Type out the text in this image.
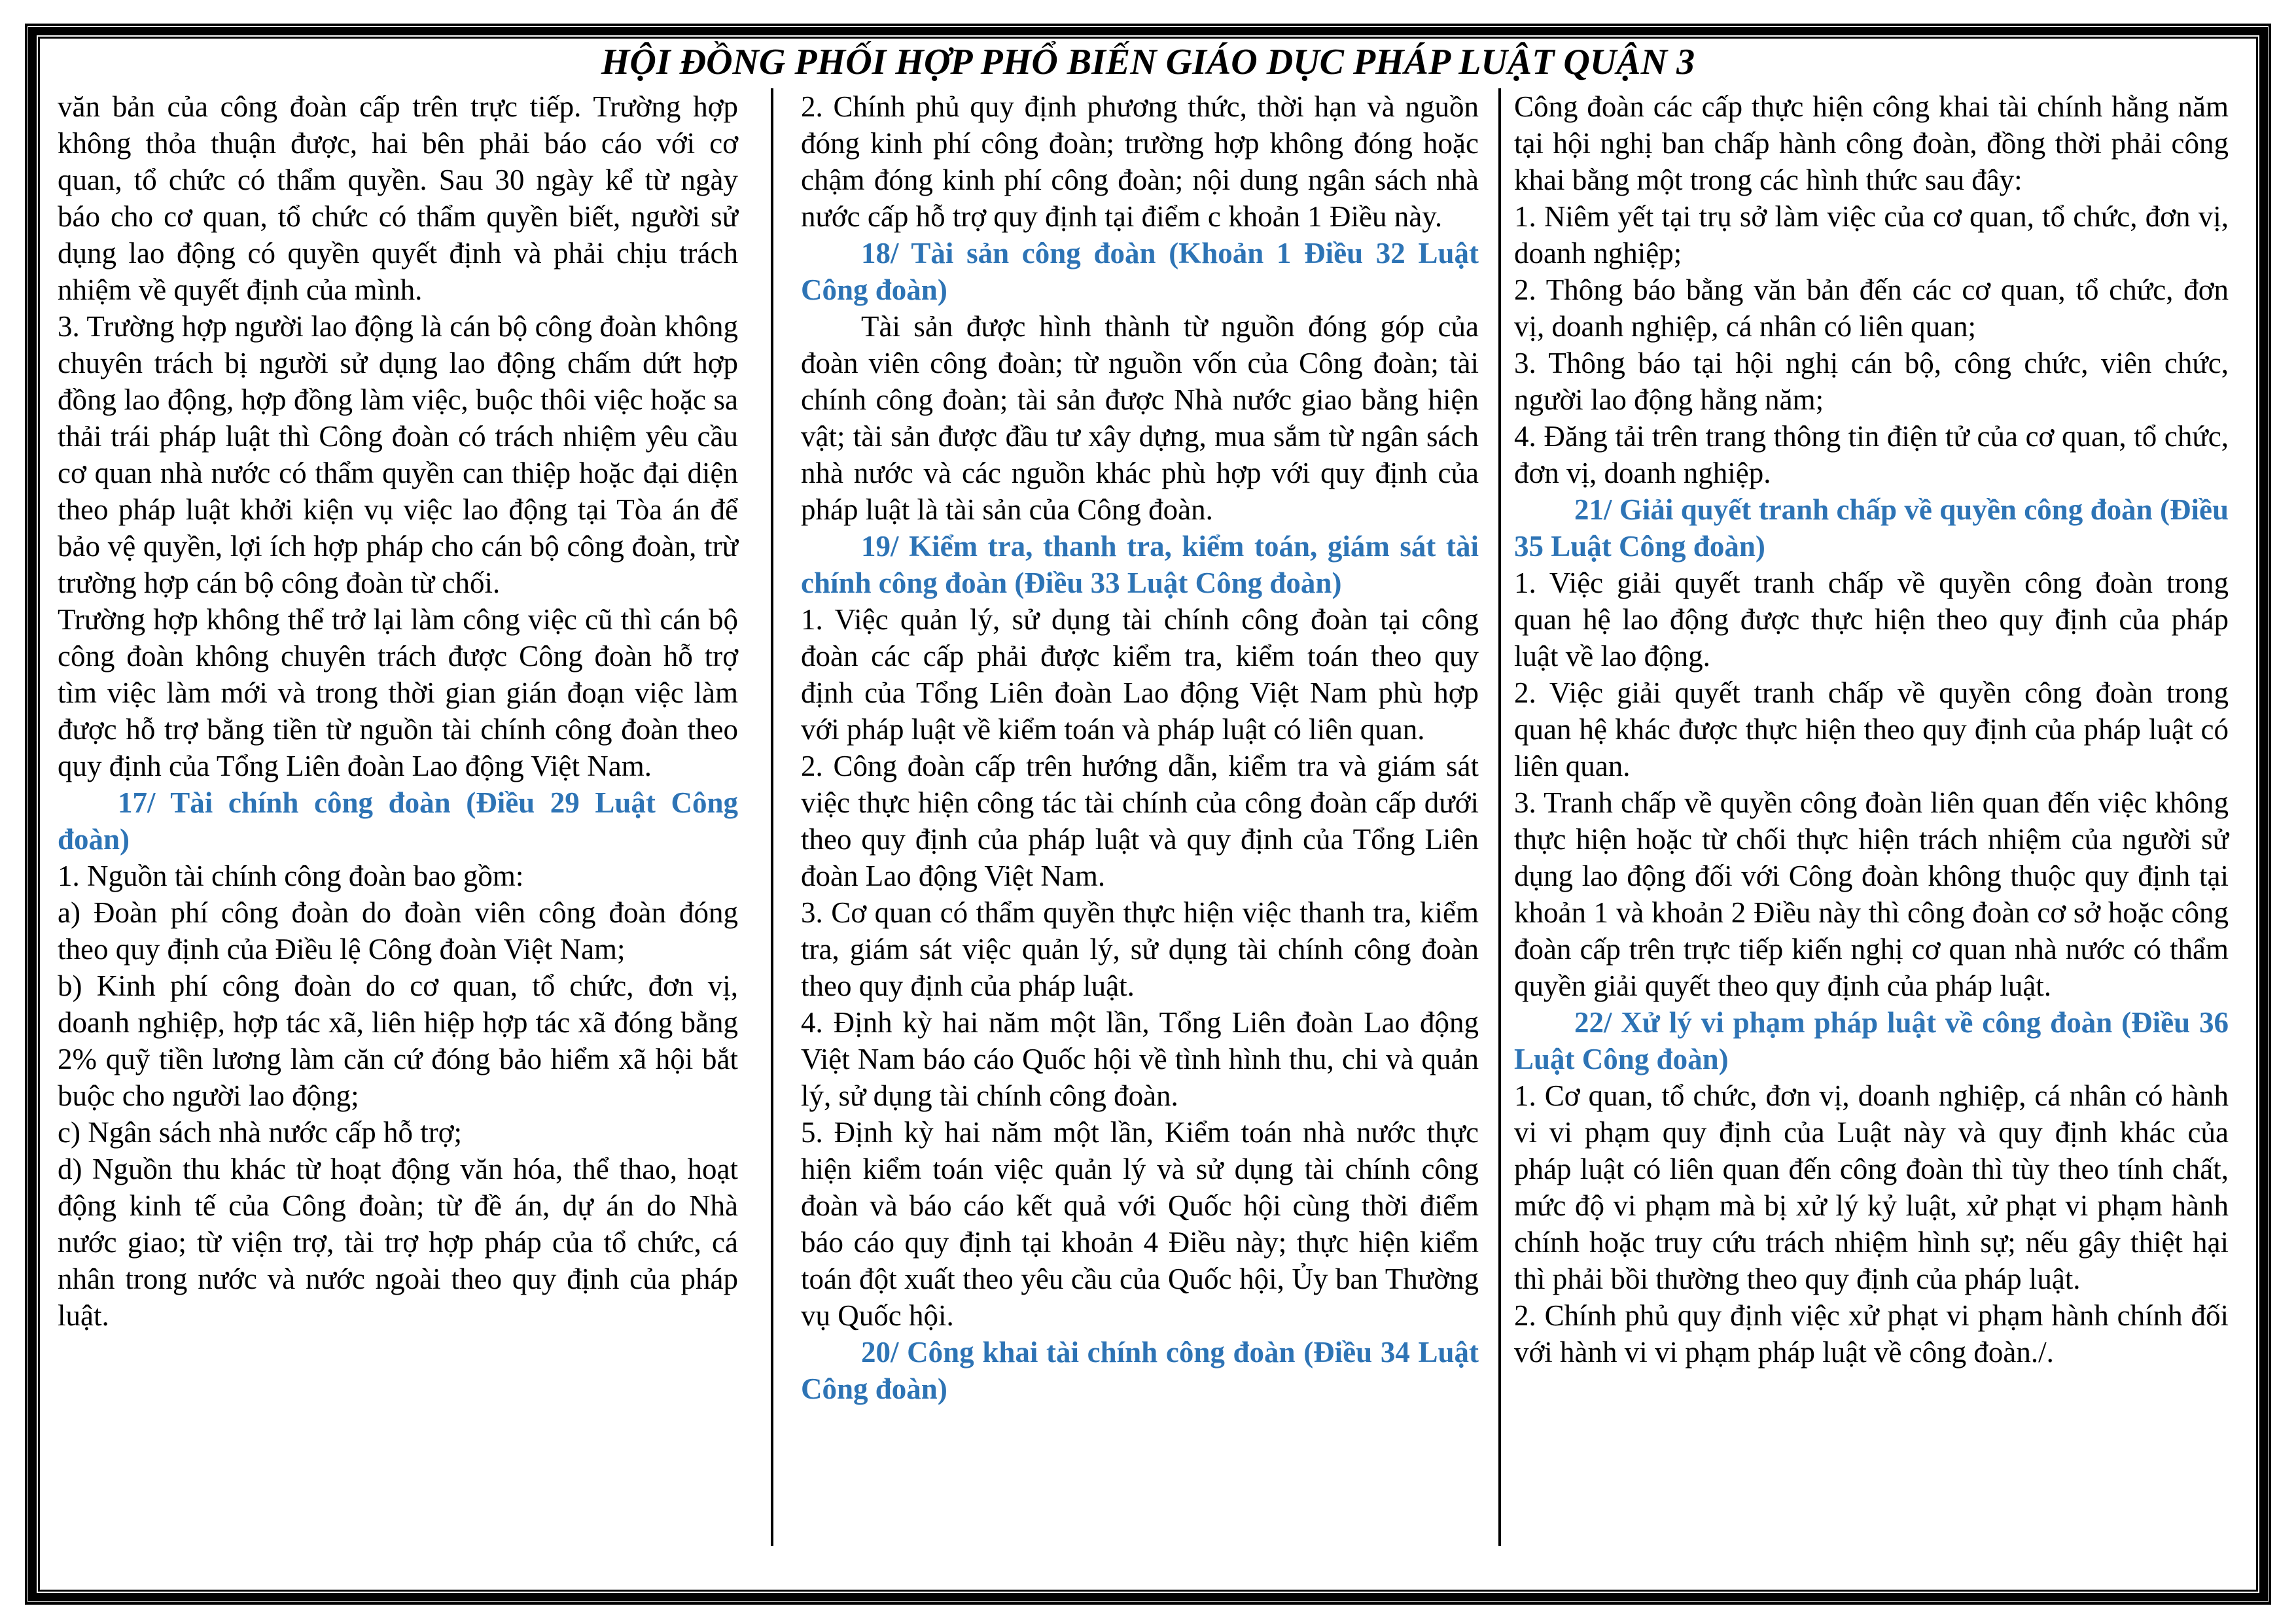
HỘI ĐỒNG PHỐI HỢP PHỔ BIẾN GIÁO DỤC PHÁP LUẬT QUẬN 3

văn bản của công đoàn cấp trên trực tiếp. Trường hợp không thỏa thuận được, hai bên phải báo cáo với cơ quan, tổ chức có thẩm quyền. Sau 30 ngày kể từ ngày báo cho cơ quan, tổ chức có thẩm quyền biết, người sử dụng lao động có quyền quyết định và phải chịu trách nhiệm về quyết định của mình.

3. Trường hợp người lao động là cán bộ công đoàn không chuyên trách bị người sử dụng lao động chấm dứt hợp đồng lao động, hợp đồng làm việc, buộc thôi việc hoặc sa thải trái pháp luật thì Công đoàn có trách nhiệm yêu cầu cơ quan nhà nước có thẩm quyền can thiệp hoặc đại diện theo pháp luật khởi kiện vụ việc lao động tại Tòa án để bảo vệ quyền, lợi ích hợp pháp cho cán bộ công đoàn, trừ trường hợp cán bộ công đoàn từ chối.

Trường hợp không thể trở lại làm công việc cũ thì cán bộ công đoàn không chuyên trách được Công đoàn hỗ trợ tìm việc làm mới và trong thời gian gián đoạn việc làm được hỗ trợ bằng tiền từ nguồn tài chính công đoàn theo quy định của Tổng Liên đoàn Lao động Việt Nam.

17/ Tài chính công đoàn (Điều 29 Luật Công đoàn)

1. Nguồn tài chính công đoàn bao gồm:

a) Đoàn phí công đoàn do đoàn viên công đoàn đóng theo quy định của Điều lệ Công đoàn Việt Nam;

b) Kinh phí công đoàn do cơ quan, tổ chức, đơn vị, doanh nghiệp, hợp tác xã, liên hiệp hợp tác xã đóng bằng 2% quỹ tiền lương làm căn cứ đóng bảo hiểm xã hội bắt buộc cho người lao động;

c) Ngân sách nhà nước cấp hỗ trợ;

d) Nguồn thu khác từ hoạt động văn hóa, thể thao, hoạt động kinh tế của Công đoàn; từ đề án, dự án do Nhà nước giao; từ viện trợ, tài trợ hợp pháp của tổ chức, cá nhân trong nước và nước ngoài theo quy định của pháp luật.

2. Chính phủ quy định phương thức, thời hạn và nguồn đóng kinh phí công đoàn; trường hợp không đóng hoặc chậm đóng kinh phí công đoàn; nội dung ngân sách nhà nước cấp hỗ trợ quy định tại điểm c khoản 1 Điều này.

18/ Tài sản công đoàn (Khoản 1 Điều 32 Luật Công đoàn)

Tài sản được hình thành từ nguồn đóng góp của đoàn viên công đoàn; từ nguồn vốn của Công đoàn; tài chính công đoàn; tài sản được Nhà nước giao bằng hiện vật; tài sản được đầu tư xây dựng, mua sắm từ ngân sách nhà nước và các nguồn khác phù hợp với quy định của pháp luật là tài sản của Công đoàn.

19/ Kiểm tra, thanh tra, kiểm toán, giám sát tài chính công đoàn (Điều 33 Luật Công đoàn)

1. Việc quản lý, sử dụng tài chính công đoàn tại công đoàn các cấp phải được kiểm tra, kiểm toán theo quy định của Tổng Liên đoàn Lao động Việt Nam phù hợp với pháp luật về kiểm toán và pháp luật có liên quan.

2. Công đoàn cấp trên hướng dẫn, kiểm tra và giám sát việc thực hiện công tác tài chính của công đoàn cấp dưới theo quy định của pháp luật và quy định của Tổng Liên đoàn Lao động Việt Nam.

3. Cơ quan có thẩm quyền thực hiện việc thanh tra, kiểm tra, giám sát việc quản lý, sử dụng tài chính công đoàn theo quy định của pháp luật.

4. Định kỳ hai năm một lần, Tổng Liên đoàn Lao động Việt Nam báo cáo Quốc hội về tình hình thu, chi và quản lý, sử dụng tài chính công đoàn.

5. Định kỳ hai năm một lần, Kiểm toán nhà nước thực hiện kiểm toán việc quản lý và sử dụng tài chính công đoàn và báo cáo kết quả với Quốc hội cùng thời điểm báo cáo quy định tại khoản 4 Điều này; thực hiện kiểm toán đột xuất theo yêu cầu của Quốc hội, Ủy ban Thường vụ Quốc hội.

20/ Công khai tài chính công đoàn (Điều 34 Luật Công đoàn)

Công đoàn các cấp thực hiện công khai tài chính hằng năm tại hội nghị ban chấp hành công đoàn, đồng thời phải công khai bằng một trong các hình thức sau đây:

1. Niêm yết tại trụ sở làm việc của cơ quan, tổ chức, đơn vị, doanh nghiệp;

2. Thông báo bằng văn bản đến các cơ quan, tổ chức, đơn vị, doanh nghiệp, cá nhân có liên quan;

3. Thông báo tại hội nghị cán bộ, công chức, viên chức, người lao động hằng năm;

4. Đăng tải trên trang thông tin điện tử của cơ quan, tổ chức, đơn vị, doanh nghiệp.

21/ Giải quyết tranh chấp về quyền công đoàn (Điều 35 Luật Công đoàn)

1. Việc giải quyết tranh chấp về quyền công đoàn trong quan hệ lao động được thực hiện theo quy định của pháp luật về lao động.

2. Việc giải quyết tranh chấp về quyền công đoàn trong quan hệ khác được thực hiện theo quy định của pháp luật có liên quan.

3. Tranh chấp về quyền công đoàn liên quan đến việc không thực hiện hoặc từ chối thực hiện trách nhiệm của người sử dụng lao động đối với Công đoàn không thuộc quy định tại khoản 1 và khoản 2 Điều này thì công đoàn cơ sở hoặc công đoàn cấp trên trực tiếp kiến nghị cơ quan nhà nước có thẩm quyền giải quyết theo quy định của pháp luật.

22/ Xử lý vi phạm pháp luật về công đoàn (Điều 36 Luật Công đoàn)

1. Cơ quan, tổ chức, đơn vị, doanh nghiệp, cá nhân có hành vi vi phạm quy định của Luật này và quy định khác của pháp luật có liên quan đến công đoàn thì tùy theo tính chất, mức độ vi phạm mà bị xử lý kỷ luật, xử phạt vi phạm hành chính hoặc truy cứu trách nhiệm hình sự; nếu gây thiệt hại thì phải bồi thường theo quy định của pháp luật.

2. Chính phủ quy định việc xử phạt vi phạm hành chính đối với hành vi vi phạm pháp luật về công đoàn./.
